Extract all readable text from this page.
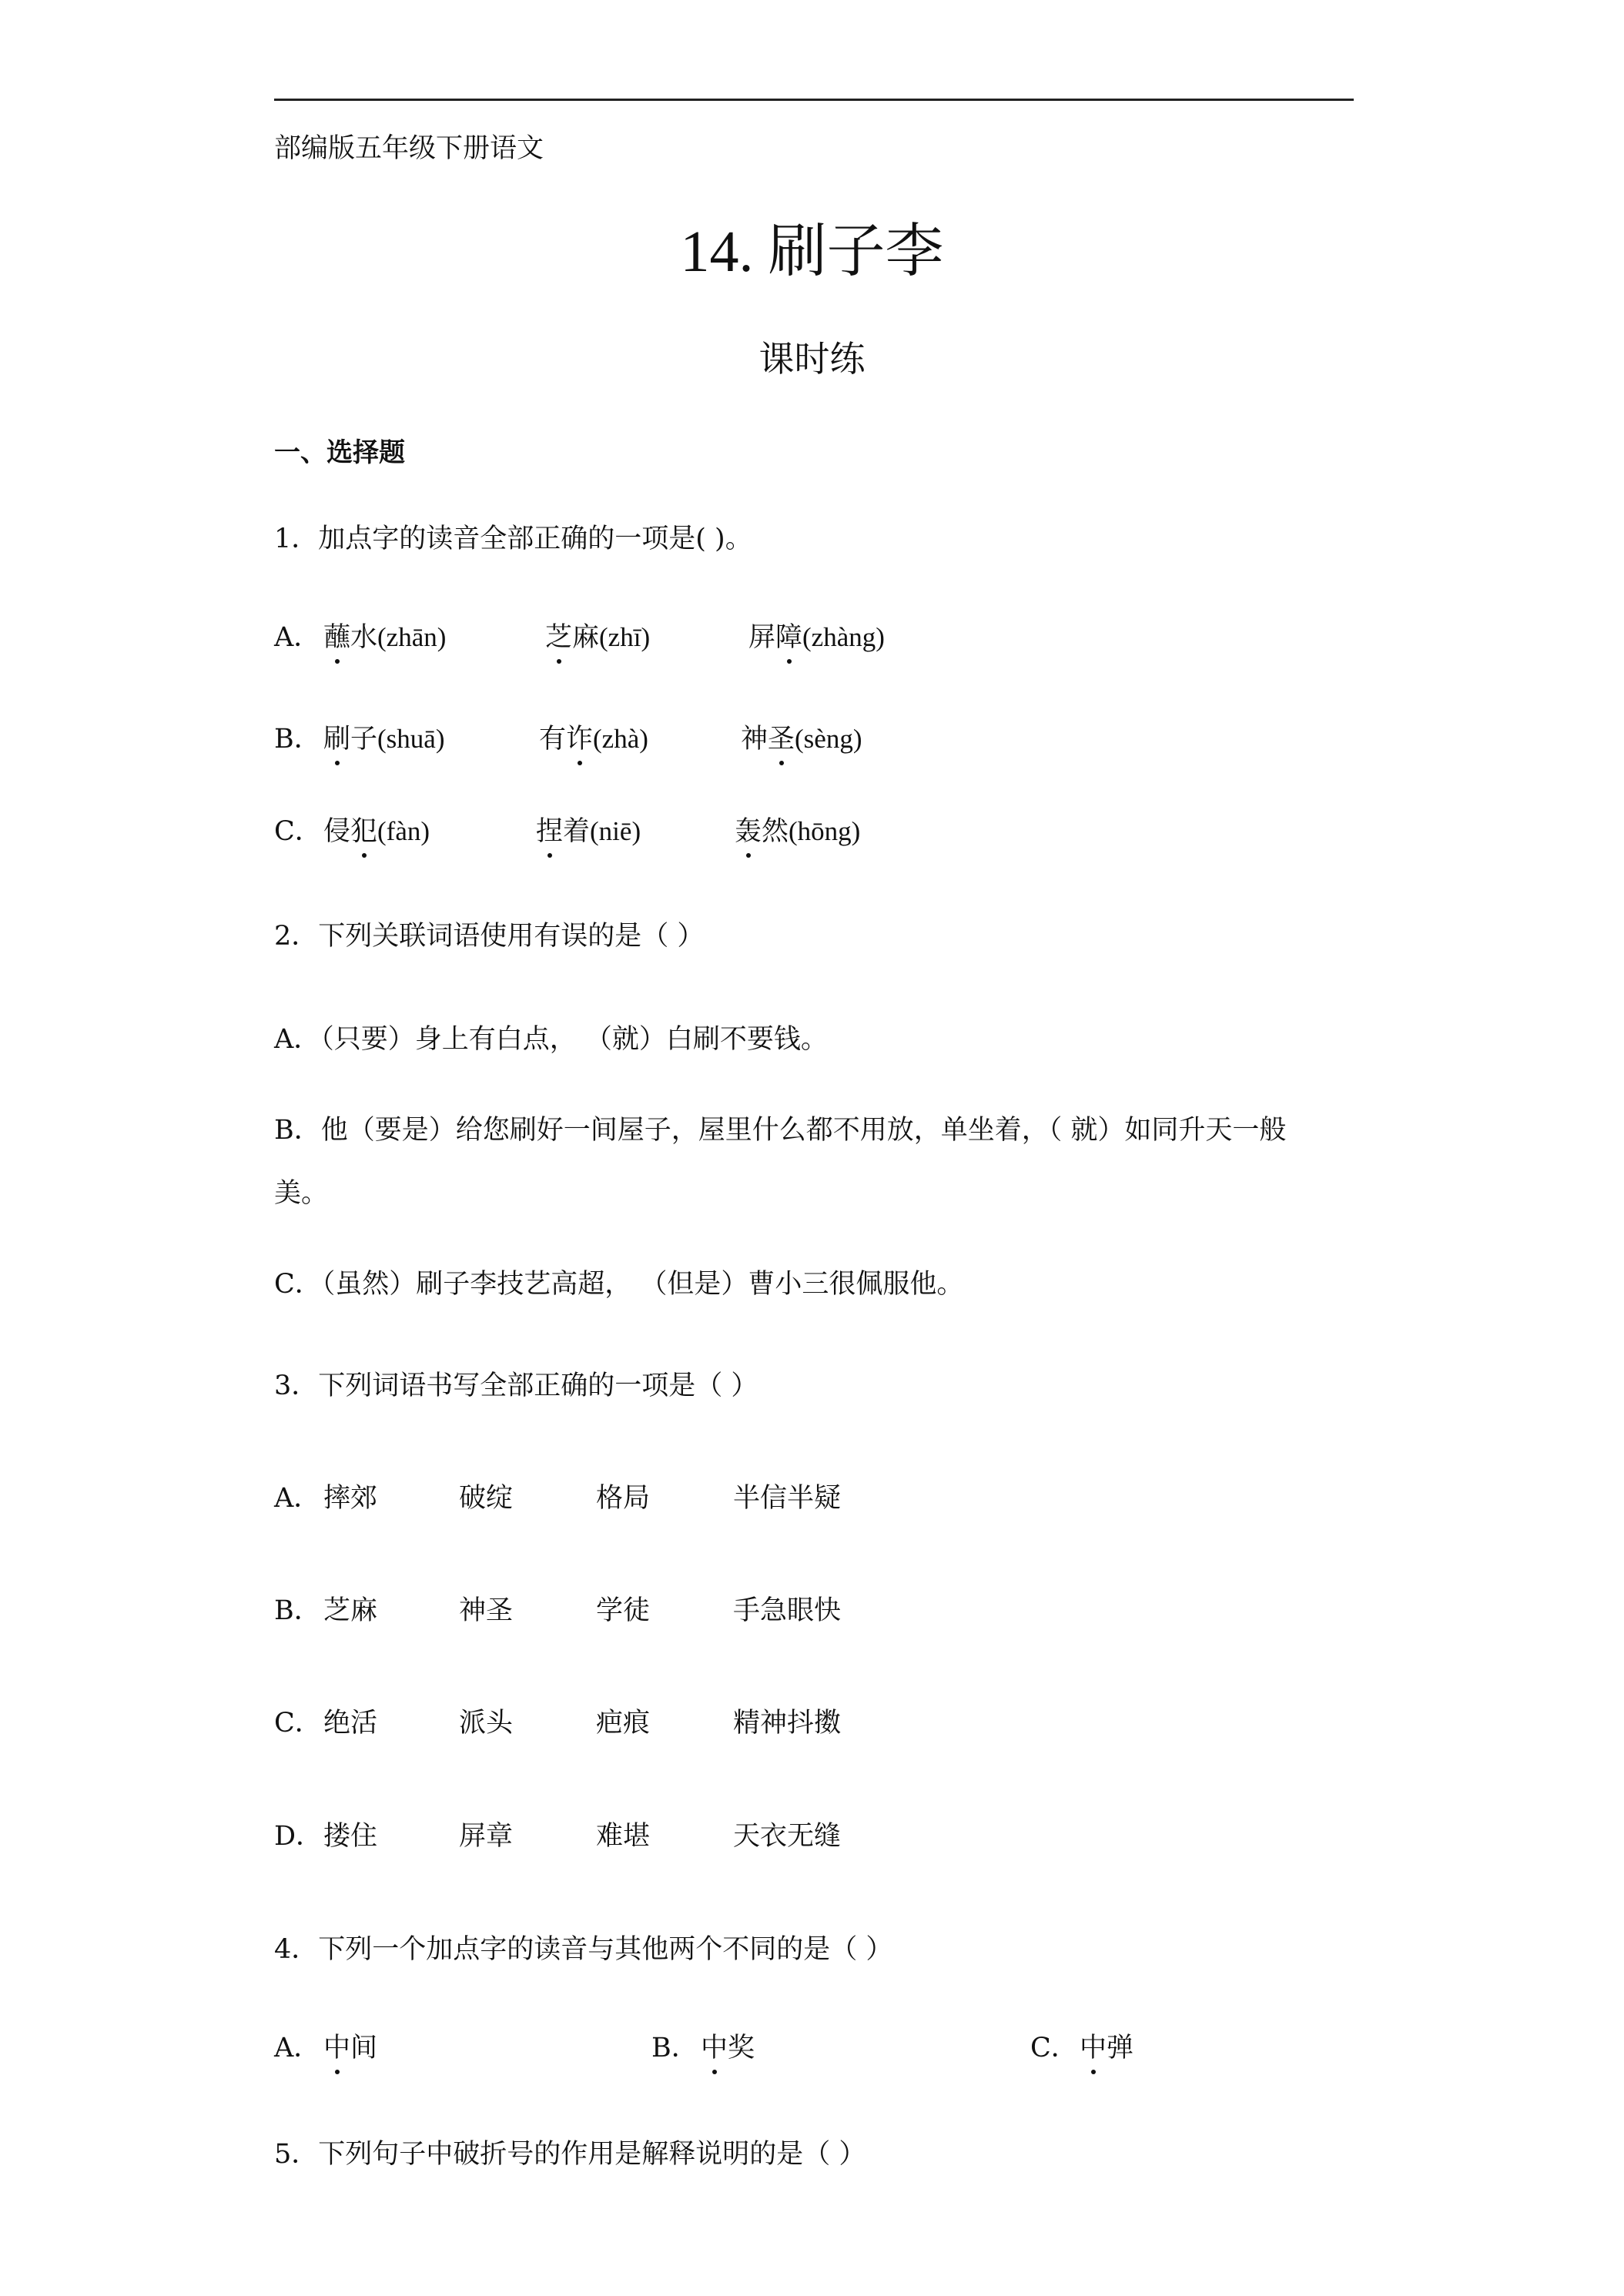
部编版五年级下册语文
14. 刷子李
课时练
一、选择题
1．加点字的读音全部正确的一项是( )。
A． 蘸水(zhān)	芝麻(zhī)	屏障(zhàng)
B． 刷子(shuā)	有诈(zhà)	神圣(sèng)
C． 侵犯(fàn)	捏着(niē)	轰然(hōng)
2．下列关联词语使用有误的是（ ）
A．（只要）身上有白点， （就）白刷不要钱。
B．他（要是）给您刷好一间屋子，屋里什么都不用放，单坐着，（ 就）如同升天一般
美。
C．（虽然）刷子李技艺高超， （但是）曹小三很佩服他。
3．下列词语书写全部正确的一项是（ ）
A． 摔郊	破绽	格局	半信半疑
B． 芝麻	神圣	学徒	手急眼快
C． 绝活	派头	疤痕	精神抖擞
D． 搂住	屏章	难堪	天衣无缝
4．下列一个加点字的读音与其他两个不同的是（ ）
A． 中间	B． 中奖	C． 中弹
5．下列句子中破折号的作用是解释说明的是（ ）
